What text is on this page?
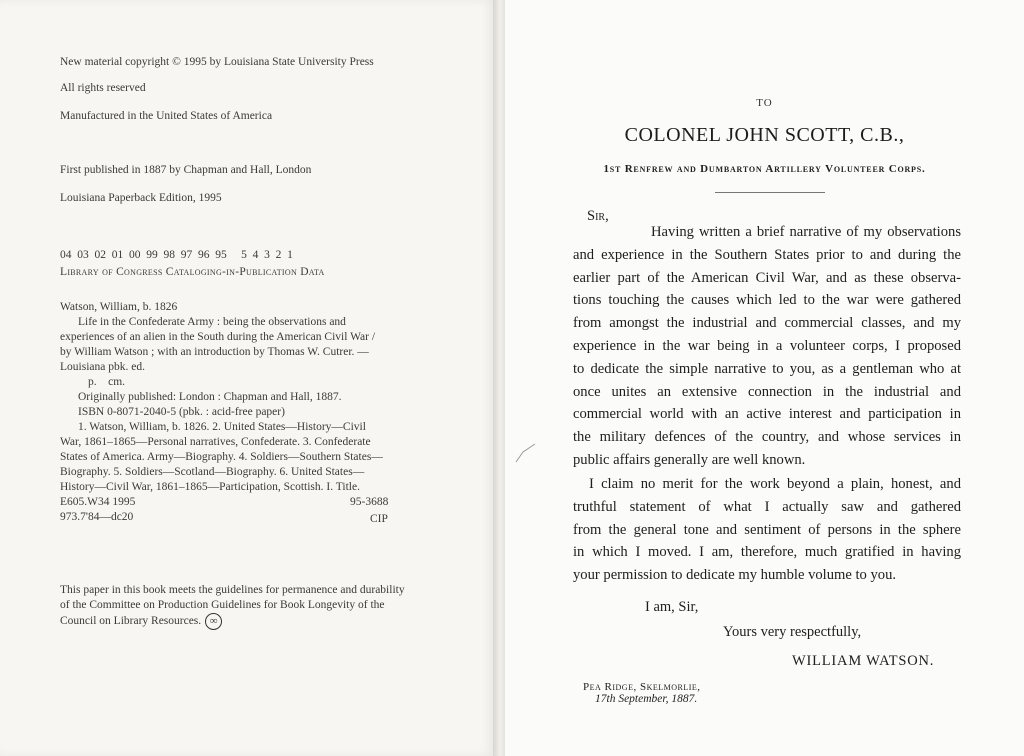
New material copyright © 1995 by Louisiana State University Press
All rights reserved
Manufactured in the United States of America
First published in 1887 by Chapman and Hall, London
Louisiana Paperback Edition, 1995

04  03  02  01  00  99  98  97  96  95     5  4  3  2  1

Library of Congress Cataloging-in-Publication Data
Watson, William, b. 1826
Life in the Confederate Army : being the observations and
experiences of an alien in the South during the American Civil War /
by William Watson ; with an introduction by Thomas W. Cutrer. —
Louisiana pbk. ed.
p.    cm.
Originally published: London : Chapman and Hall, 1887.
ISBN 0-8071-2040-5 (pbk. : acid-free paper)
1. Watson, William, b. 1826. 2. United States—History—Civil
War, 1861–1865—Personal narratives, Confederate. 3. Confederate
States of America. Army—Biography. 4. Soldiers—Southern States—
Biography. 5. Soldiers—Scotland—Biography. 6. United States—
History—Civil War, 1861–1865—Participation, Scottish. I. Title.
E605.W34 1995
973.7'84—dc20
95-3688
CIP
This paper in this book meets the guidelines for permanence and durability
of the Committee on Production Guidelines for Book Longevity of the
Council on Library Resources. ∞
TO
COLONEL JOHN SCOTT, C.B.,
1st Renfrew and Dumbarton Artillery Volunteer Corps.
Sir,
Having written a brief narrative of my observations
and experience in the Southern States prior to and during the
earlier part of the American Civil War, and as these observa-
tions touching the causes which led to the war were gathered
from amongst the industrial and commercial classes, and my
experience in the war being in a volunteer corps, I proposed
to dedicate the simple narrative to you, as a gentleman who at
once unites an extensive connection in the industrial and
commercial world with an active interest and participation in
the military defences of the country, and whose services in
public affairs generally are well known.
I claim no merit for the work beyond a plain, honest, and
truthful statement of what I actually saw and gathered
from the general tone and sentiment of persons in the sphere
in which I moved. I am, therefore, much gratified in having
your permission to dedicate my humble volume to you.
I am, Sir,
Yours very respectfully,
WILLIAM WATSON.
Pea Ridge, Skelmorlie,
17th September, 1887.
